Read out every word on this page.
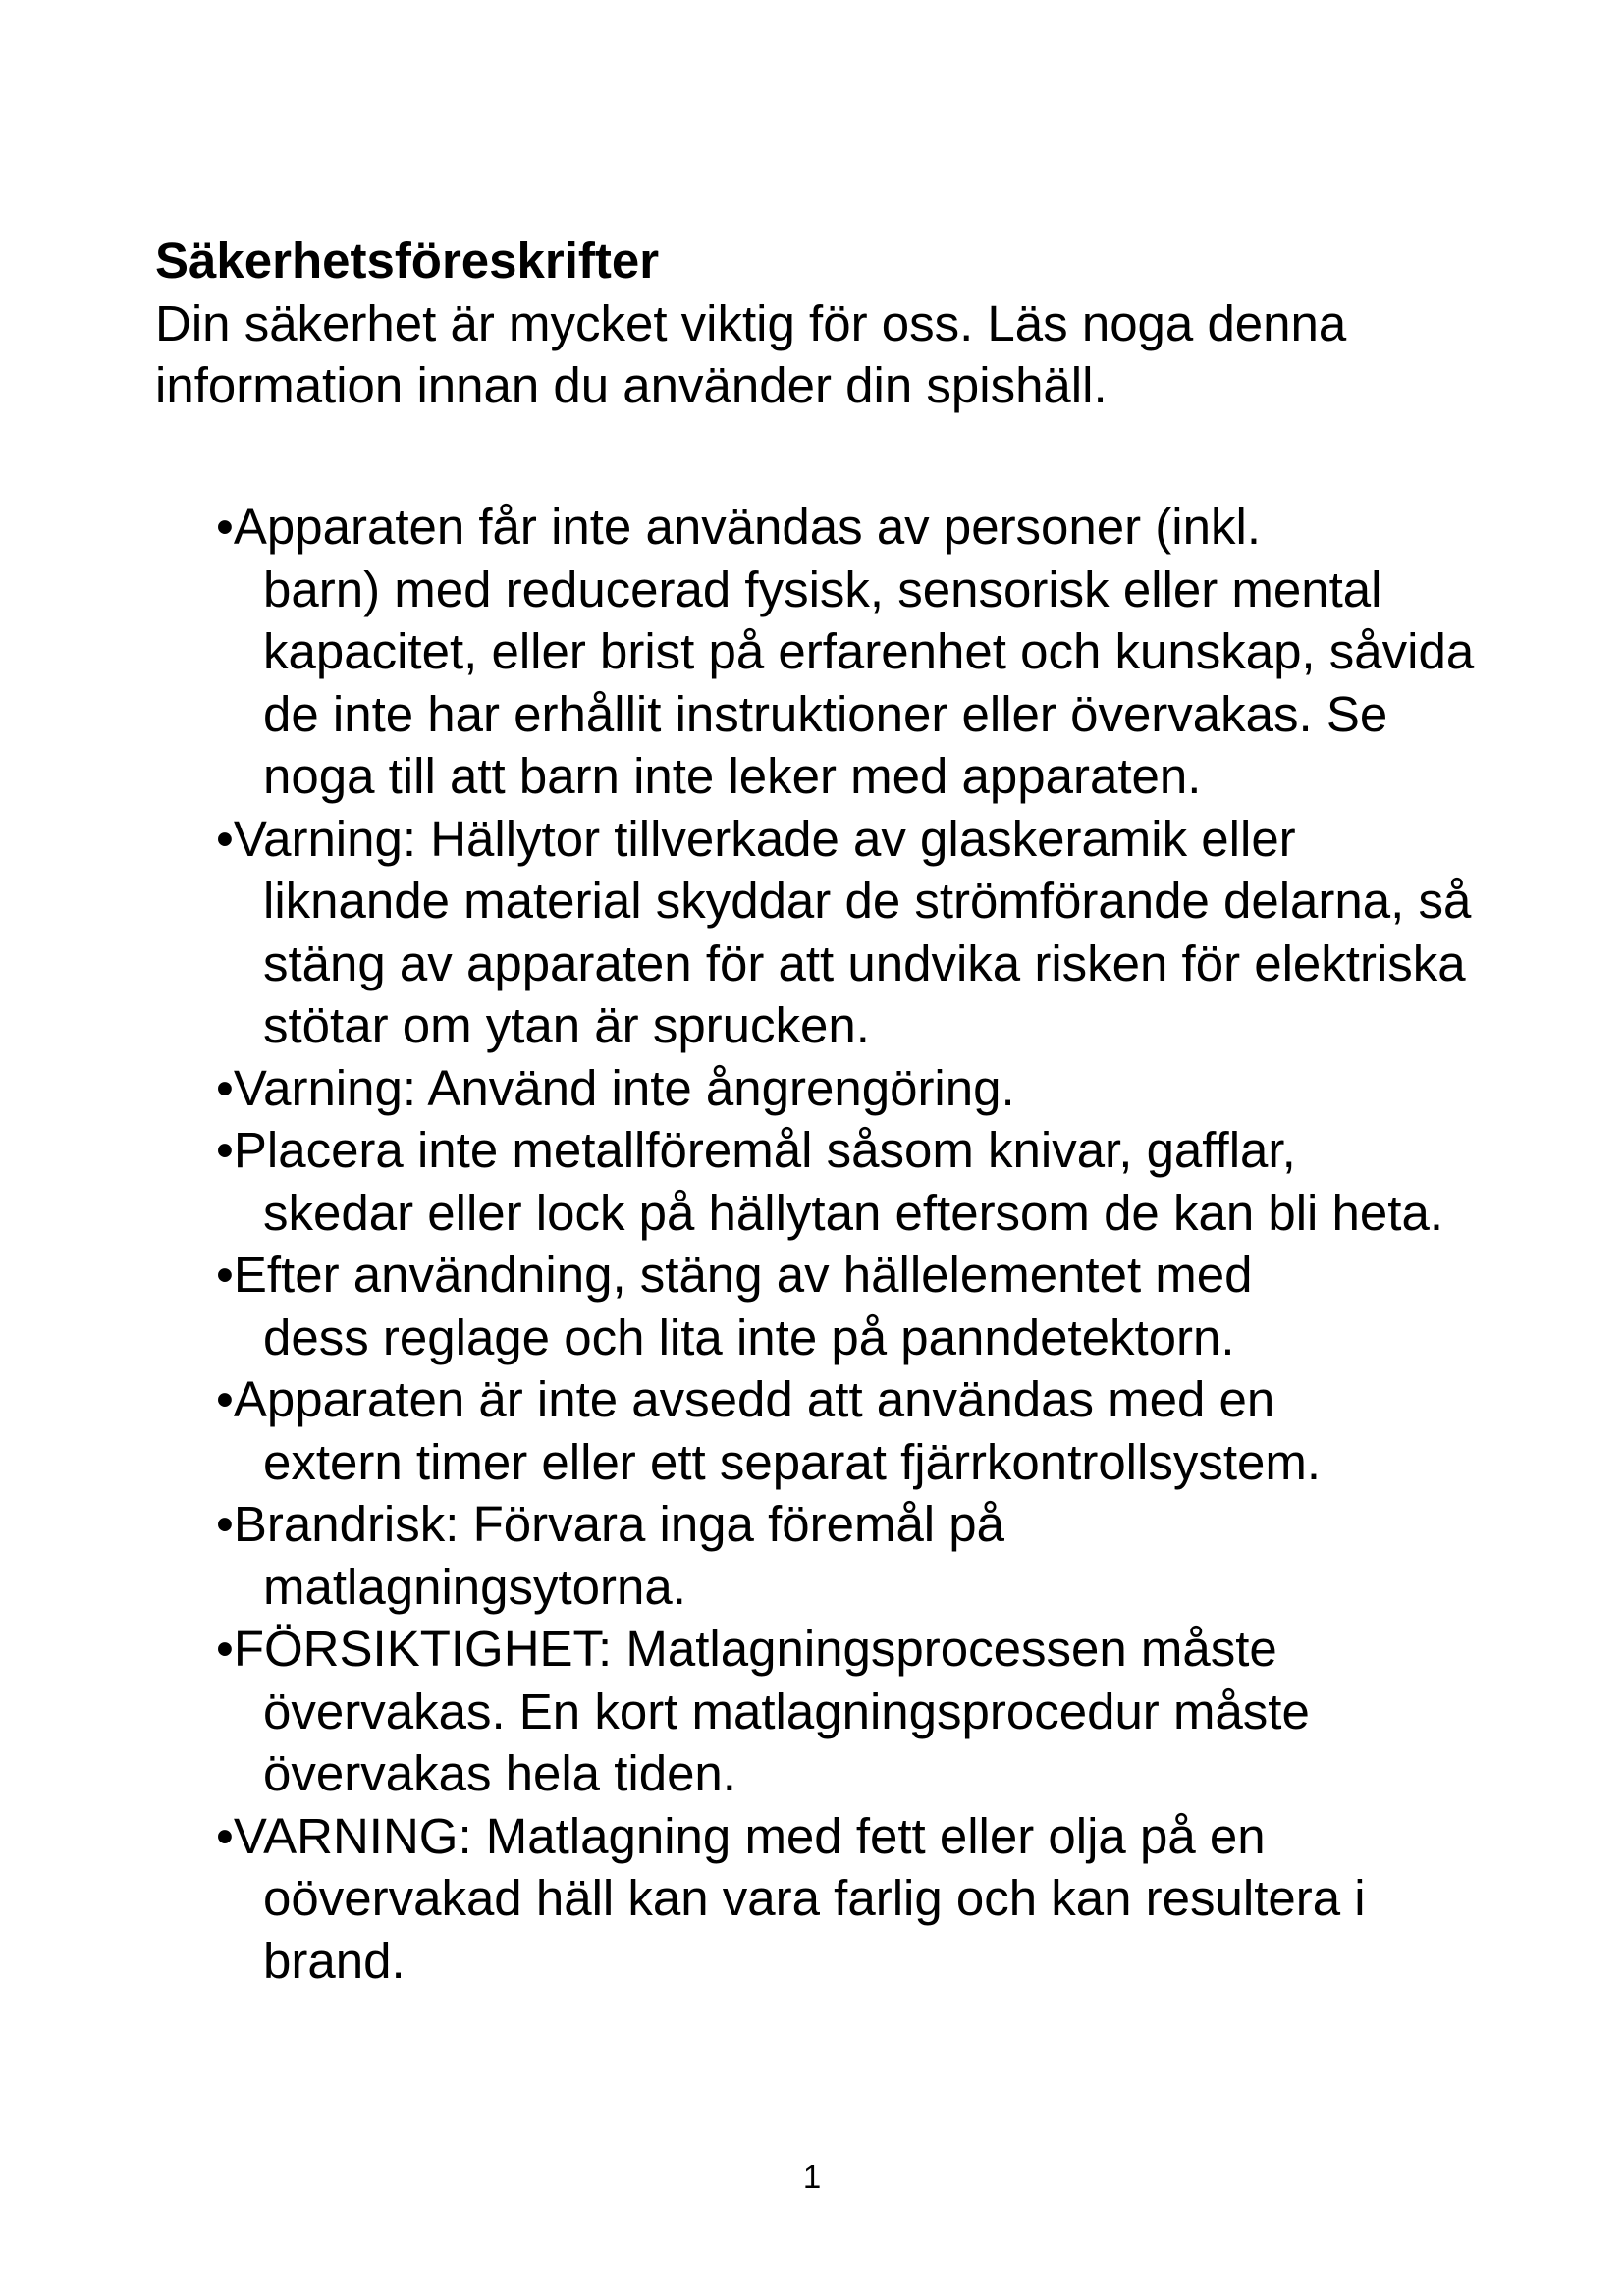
Säkerhetsföreskrifter

Din säkerhet är mycket viktig för oss. Läs noga denna information innan du använder din spishäll.

•Apparaten får inte användas av personer (inkl.
barn) med reducerad fysisk, sensorisk eller mental kapacitet, eller brist på erfarenhet och kunskap, såvida de inte har erhållit instruktioner eller övervakas. Se noga till att barn inte leker med apparaten.
•Varning: Hällytor tillverkade av glaskeramik eller
liknande material skyddar de strömförande delarna, så stäng av apparaten för att undvika risken för elektriska stötar om ytan är sprucken.
•Varning: Använd inte ångrengöring.
•Placera inte metallföremål såsom knivar, gafflar,
skedar eller lock på hällytan eftersom de kan bli heta.
•Efter användning, stäng av hällelementet med
dess reglage och lita inte på panndetektorn.
•Apparaten är inte avsedd att användas med en
extern timer eller ett separat fjärrkontrollsystem.
•Brandrisk: Förvara inga föremål på
matlagningsytorna.
•FÖRSIKTIGHET: Matlagningsprocessen måste
övervakas. En kort matlagningsprocedur måste övervakas hela tiden.
•VARNING: Matlagning med fett eller olja på en
oövervakad häll kan vara farlig och kan resultera i brand.
1
